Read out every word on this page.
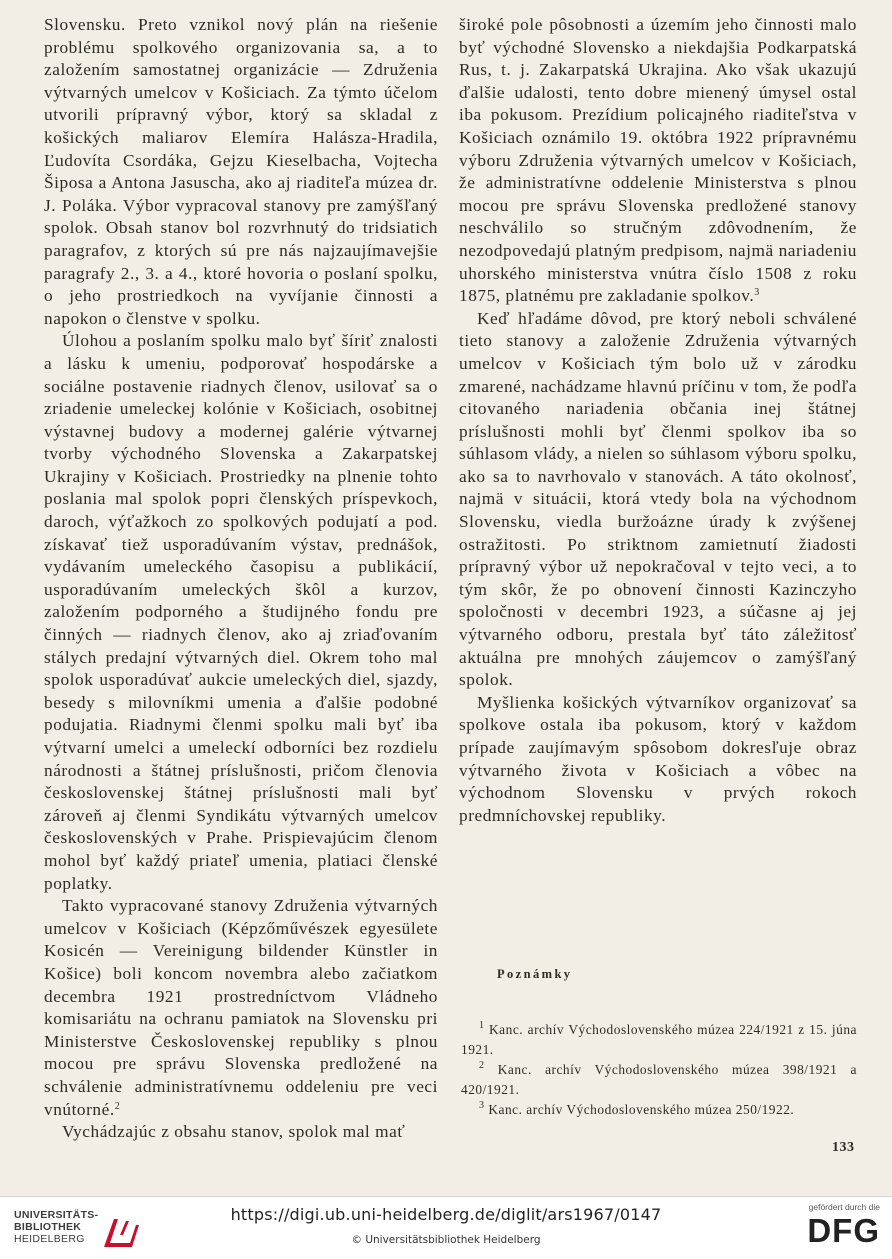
Slovensku. Preto vznikol nový plán na riešenie problému spolkového organizovania sa, a to založením samostatnej organizácie — Združenia výtvarných umelcov v Košiciach. Za týmto účelom utvorili prípravný výbor, ktorý sa skladal z košických maliarov Elemíra Halásza-Hradila, Ľudovíta Csordáka, Gejzu Kieselbacha, Vojtecha Šiposa a Antona Jasuscha, ako aj riaditeľa múzea dr. J. Poláka. Výbor vypracoval stanovy pre zamýšľaný spolok. Obsah stanov bol rozvrhnutý do tridsiatich paragrafov, z ktorých sú pre nás najzaujímavejšie paragrafy 2., 3. a 4., ktoré hovoria o poslaní spolku, o jeho prostriedkoch na vyvíjanie činnosti a napokon o členstve v spolku.

Úlohou a poslaním spolku malo byť šíriť znalosti a lásku k umeniu, podporovať hospodárske a sociálne postavenie riadnych členov, usilovať sa o zriadenie umeleckej kolónie v Košiciach, osobitnej výstavnej budovy a modernej galérie výtvarnej tvorby východného Slovenska a Zakarpatskej Ukrajiny v Košiciach. Prostriedky na plnenie tohto poslania mal spolok popri členských príspevkoch, daroch, výťažkoch zo spolkových podujatí a pod. získavať tiež usporadúvaním výstav, prednášok, vydávaním umeleckého časopisu a publikácií, usporadúvaním umeleckých škôl a kurzov, založením podporného a študijného fondu pre činných — riadnych členov, ako aj zriaďovaním stálych predajní výtvarných diel. Okrem toho mal spolok usporadúvať aukcie umeleckých diel, sjazdy, besedy s milovníkmi umenia a ďalšie podobné podujatia. Riadnymi členmi spolku mali byť iba výtvarní umelci a umeleckí odborníci bez rozdielu národnosti a štátnej príslušnosti, pričom členovia československej štátnej príslušnosti mali byť zároveň aj členmi Syndikátu výtvarných umelcov československých v Prahe. Prispievajúcim členom mohol byť každý priateľ umenia, platiaci členské poplatky.

Takto vypracované stanovy Združenia výtvarných umelcov v Košiciach (Képzőművészek egyesülete Kosicén — Vereinigung bildender Künstler in Košice) boli koncom novembra alebo začiatkom decembra 1921 prostredníctvom Vládneho komisariátu na ochranu pamiatok na Slovensku pri Ministerstve Československej republiky s plnou mocou pre správu Slovenska predložené na schválenie administratívnemu oddeleniu pre veci vnútorné.$^2$

Vychádzajúc z obsahu stanov, spolok mal mať

široké pole pôsobnosti a územím jeho činnosti malo byť východné Slovensko a niekdajšia Podkarpatská Rus, t. j. Zakarpatská Ukrajina. Ako však ukazujú ďalšie udalosti, tento dobre mienený úmysel ostal iba pokusom. Prezídium policajného riaditeľstva v Košiciach oznámilo 19. októbra 1922 prípravnému výboru Združenia výtvarných umelcov v Košiciach, že administratívne oddelenie Ministerstva s plnou mocou pre správu Slovenska predložené stanovy neschválilo so stručným zdôvodnením, že nezodpovedajú platným predpisom, najmä nariadeniu uhorského ministerstva vnútra číslo 1508 z roku 1875, platnému pre zakladanie spolkov.$^3$

Keď hľadáme dôvod, pre ktorý neboli schválené tieto stanovy a založenie Združenia výtvarných umelcov v Košiciach tým bolo už v zárodku zmarené, nachádzame hlavnú príčinu v tom, že podľa citovaného nariadenia občania inej štátnej príslušnosti mohli byť členmi spolkov iba so súhlasom vlády, a nielen so súhlasom výboru spolku, ako sa to navrhovalo v stanovách. A táto okolnosť, najmä v situácii, ktorá vtedy bola na východnom Slovensku, viedla buržoázne úrady k zvýšenej ostražitosti. Po striktnom zamietnutí žiadosti prípravný výbor už nepokračoval v tejto veci, a to tým skôr, že po obnovení činnosti Kazinczyho spoločnosti v decembri 1923, a súčasne aj jej výtvarného odboru, prestala byť táto záležitosť aktuálna pre mnohých záujemcov o zamýšľaný spolok.

Myšlienka košických výtvarníkov organizovať sa spolkove ostala iba pokusom, ktorý v každom prípade zaujímavým spôsobom dokresľuje obraz výtvarného života v Košiciach a vôbec na východnom Slovensku v prvých rokoch predmníchovskej republiky.

Poznámky

$^1$ Kanc. archív Východoslovenského múzea 224/1921 z 15. júna 1921.

$^2$ Kanc. archív Východoslovenského múzea 398/1921 a 420/1921.

$^3$ Kanc. archív Východoslovenského múzea 250/1922.

133
UNIVERSITÄTS-
BIBLIOTHEK
HEIDELBERG
https://digi.ub.uni-heidelberg.de/diglit/ars1967/0147
© Universitätsbibliothek Heidelberg
gefördert durch die
DFG
